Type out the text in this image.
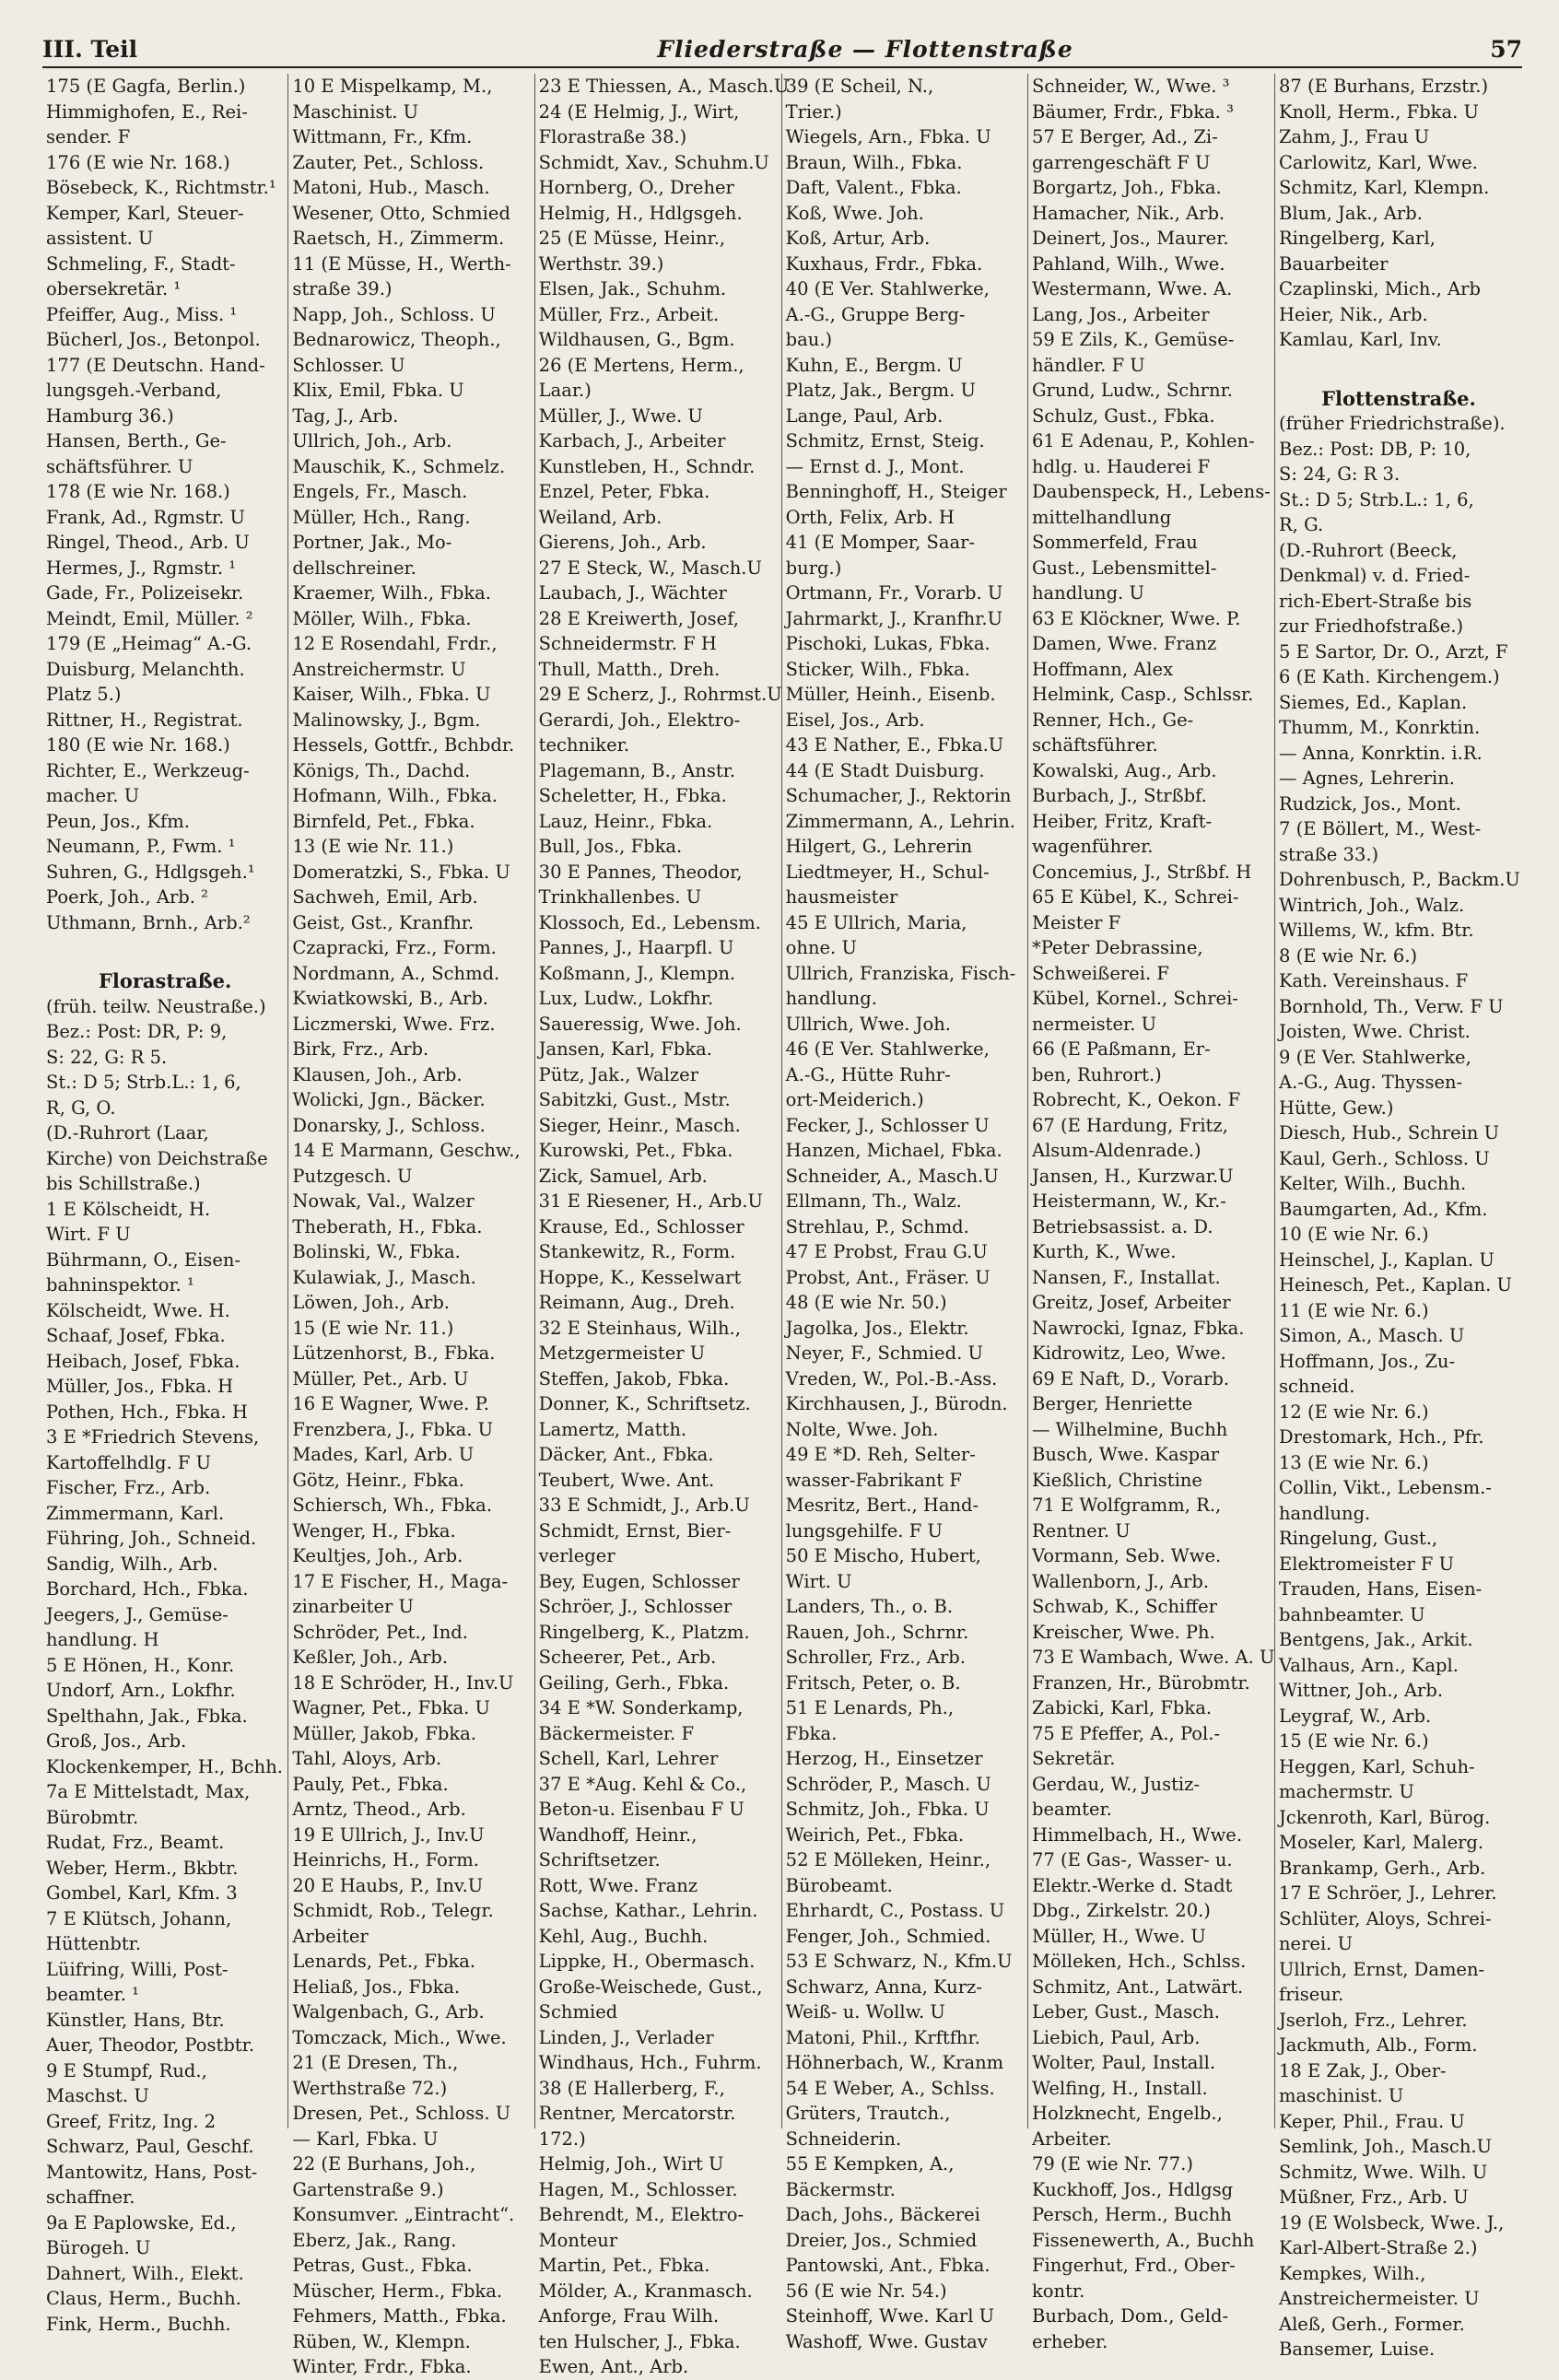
III. Teil	Fliederstraße — Flottenstraße	57
175 (E Gagfa, Berlin.)
Himmighofen, E., Rei-
sender. F
176 (E wie Nr. 168.)
Bösebeck, K., Richtmstr.¹
Kemper, Karl, Steuer-
assistent. U
Schmeling, F., Stadt-
obersekretär. ¹
Pfeiffer, Aug., Miss. ¹
Bücherl, Jos., Betonpol.
177 (E Deutschn. Hand-
lungsgeh.-Verband,
Hamburg 36.)
Hansen, Berth., Ge-
schäftsführer. U
178 (E wie Nr. 168.)
Frank, Ad., Rgmstr. U
Ringel, Theod., Arb. U
Hermes, J., Rgmstr. ¹
Gade, Fr., Polizeisekr.
Meindt, Emil, Müller. ²
179 (E „Heimag“ A.-G.
Duisburg, Melanchth.
Platz 5.)
Rittner, H., Registrat.
180 (E wie Nr. 168.)
Richter, E., Werkzeug-
macher. U
Peun, Jos., Kfm.
Neumann, P., Fwm. ¹
Suhren, G., Hdlgsgeh.¹
Poerk, Joh., Arb. ²
Uthmann, Brnh., Arb.²
Florastraße.
(früh. teilw. Neustraße.)
Bez.: Post: DR, P: 9,
S: 22, G: R 5.
St.: D 5; Strb.L.: 1, 6,
R, G, O.
(D.-Ruhrort (Laar,
Kirche) von Deichstraße
bis Schillstraße.)
1 E Kölscheidt, H.
Wirt. F U
Bührmann, O., Eisen-
bahninspektor. ¹
Kölscheidt, Wwe. H.
Schaaf, Josef, Fbka.
Heibach, Josef, Fbka.
Müller, Jos., Fbka. H
Pothen, Hch., Fbka. H
3 E *Friedrich Stevens,
Kartoffelhdlg. F U
Fischer, Frz., Arb.
Zimmermann, Karl.
Führing, Joh., Schneid.
Sandig, Wilh., Arb.
Borchard, Hch., Fbka.
Jeegers, J., Gemüse-
handlung. H
5 E Hönen, H., Konr.
Undorf, Arn., Lokfhr.
Spelthahn, Jak., Fbka.
Groß, Jos., Arb.
Klockenkemper, H., Bchh.
7a E Mittelstadt, Max,
Bürobmtr.
Rudat, Frz., Beamt.
Weber, Herm., Bkbtr.
Gombel, Karl, Kfm. 3
7 E Klütsch, Johann,
Hüttenbtr.
Lüifring, Willi, Post-
beamter. ¹
Künstler, Hans, Btr.
Auer, Theodor, Postbtr.
9 E Stumpf, Rud.,
Maschst. U
Greef, Fritz, Ing. 2
Schwarz, Paul, Geschf.
Mantowitz, Hans, Post-
schaffner.
9a E Paplowske, Ed.,
Bürogeh. U
Dahnert, Wilh., Elekt.
Claus, Herm., Buchh.
Fink, Herm., Buchh.
10 E Mispelkamp, M.,
Maschinist. U
Wittmann, Fr., Kfm.
Zauter, Pet., Schloss.
Matoni, Hub., Masch.
Wesener, Otto, Schmied
Raetsch, H., Zimmerm.
11 (E Müsse, H., Werth-
straße 39.)
Napp, Joh., Schloss. U
Bednarowicz, Theoph.,
Schlosser. U
Klix, Emil, Fbka. U
Tag, J., Arb.
Ullrich, Joh., Arb.
Mauschik, K., Schmelz.
Engels, Fr., Masch.
Müller, Hch., Rang.
Portner, Jak., Mo-
dellschreiner.
Kraemer, Wilh., Fbka.
Möller, Wilh., Fbka.
12 E Rosendahl, Frdr.,
Anstreichermstr. U
Kaiser, Wilh., Fbka. U
Malinowsky, J., Bgm.
Hessels, Gottfr., Bchbdr.
Königs, Th., Dachd.
Hofmann, Wilh., Fbka.
Birnfeld, Pet., Fbka.
13 (E wie Nr. 11.)
Domeratzki, S., Fbka. U
Sachweh, Emil, Arb.
Geist, Gst., Kranfhr.
Czapracki, Frz., Form.
Nordmann, A., Schmd.
Kwiatkowski, B., Arb.
Liczmerski, Wwe. Frz.
Birk, Frz., Arb.
Klausen, Joh., Arb.
Wolicki, Jgn., Bäcker.
Donarsky, J., Schloss.
14 E Marmann, Geschw.,
Putzgesch. U
Nowak, Val., Walzer
Theberath, H., Fbka.
Bolinski, W., Fbka.
Kulawiak, J., Masch.
Löwen, Joh., Arb.
15 (E wie Nr. 11.)
Lützenhorst, B., Fbka.
Müller, Pet., Arb. U
16 E Wagner, Wwe. P.
Frenzbera, J., Fbka. U
Mades, Karl, Arb. U
Götz, Heinr., Fbka.
Schiersch, Wh., Fbka.
Wenger, H., Fbka.
Keultjes, Joh., Arb.
17 E Fischer, H., Maga-
zinarbeiter U
Schröder, Pet., Ind.
Keßler, Joh., Arb.
18 E Schröder, H., Inv.U
Wagner, Pet., Fbka. U
Müller, Jakob, Fbka.
Tahl, Aloys, Arb.
Pauly, Pet., Fbka.
Arntz, Theod., Arb.
19 E Ullrich, J., Inv.U
Heinrichs, H., Form.
20 E Haubs, P., Inv.U
Schmidt, Rob., Telegr.
Arbeiter
Lenards, Pet., Fbka.
Heliaß, Jos., Fbka.
Walgenbach, G., Arb.
Tomczack, Mich., Wwe.
21 (E Dresen, Th.,
Werthstraße 72.)
Dresen, Pet., Schloss. U
— Karl, Fbka. U
22 (E Burhans, Joh.,
Gartenstraße 9.)
Konsumver. „Eintracht“.
Eberz, Jak., Rang.
Petras, Gust., Fbka.
Müscher, Herm., Fbka.
Fehmers, Matth., Fbka.
Rüben, W., Klempn.
Winter, Frdr., Fbka.
23 E Thiessen, A., Masch.U
24 (E Helmig, J., Wirt,
Florastraße 38.)
Schmidt, Xav., Schuhm.U
Hornberg, O., Dreher
Helmig, H., Hdlgsgeh.
25 (E Müsse, Heinr.,
Werthstr. 39.)
Elsen, Jak., Schuhm.
Müller, Frz., Arbeit.
Wildhausen, G., Bgm.
26 (E Mertens, Herm.,
Laar.)
Müller, J., Wwe. U
Karbach, J., Arbeiter
Kunstleben, H., Schndr.
Enzel, Peter, Fbka.
Weiland, Arb.
Gierens, Joh., Arb.
27 E Steck, W., Masch.U
Laubach, J., Wächter
28 E Kreiwerth, Josef,
Schneidermstr. F H
Thull, Matth., Dreh.
29 E Scherz, J., Rohrmst.U
Gerardi, Joh., Elektro-
techniker.
Plagemann, B., Anstr.
Scheletter, H., Fbka.
Lauz, Heinr., Fbka.
Bull, Jos., Fbka.
30 E Pannes, Theodor,
Trinkhallenbes. U
Klossoch, Ed., Lebensm.
Pannes, J., Haarpfl. U
Koßmann, J., Klempn.
Lux, Ludw., Lokfhr.
Saueressig, Wwe. Joh.
Jansen, Karl, Fbka.
Pütz, Jak., Walzer
Sabitzki, Gust., Mstr.
Sieger, Heinr., Masch.
Kurowski, Pet., Fbka.
Zick, Samuel, Arb.
31 E Riesener, H., Arb.U
Krause, Ed., Schlosser
Stankewitz, R., Form.
Hoppe, K., Kesselwart
Reimann, Aug., Dreh.
32 E Steinhaus, Wilh.,
Metzgermeister U
Steffen, Jakob, Fbka.
Donner, K., Schriftsetz.
Lamertz, Matth.
Däcker, Ant., Fbka.
Teubert, Wwe. Ant.
33 E Schmidt, J., Arb.U
Schmidt, Ernst, Bier-
verleger
Bey, Eugen, Schlosser
Schröer, J., Schlosser
Ringelberg, K., Platzm.
Scheerer, Pet., Arb.
Geiling, Gerh., Fbka.
34 E *W. Sonderkamp,
Bäckermeister. F
Schell, Karl, Lehrer
37 E *Aug. Kehl & Co.,
Beton-u. Eisenbau F U
Wandhoff, Heinr.,
Schriftsetzer.
Rott, Wwe. Franz
Sachse, Kathar., Lehrin.
Kehl, Aug., Buchh.
Lippke, H., Obermasch.
Große-Weischede, Gust.,
Schmied
Linden, J., Verlader
Windhaus, Hch., Fuhrm.
38 (E Hallerberg, F.,
Rentner, Mercatorstr.
172.)
Helmig, Joh., Wirt U
Hagen, M., Schlosser.
Behrendt, M., Elektro-
Monteur
Martin, Pet., Fbka.
Mölder, A., Kranmasch.
Anforge, Frau Wilh.
ten Hulscher, J., Fbka.
Ewen, Ant., Arb.
39 (E Scheil, N.,
Trier.)
Wiegels, Arn., Fbka. U
Braun, Wilh., Fbka.
Daft, Valent., Fbka.
Koß, Wwe. Joh.
Koß, Artur, Arb.
Kuxhaus, Frdr., Fbka.
40 (E Ver. Stahlwerke,
A.-G., Gruppe Berg-
bau.)
Kuhn, E., Bergm. U
Platz, Jak., Bergm. U
Lange, Paul, Arb.
Schmitz, Ernst, Steig.
— Ernst d. J., Mont.
Benninghoff, H., Steiger
Orth, Felix, Arb. H
41 (E Momper, Saar-
burg.)
Ortmann, Fr., Vorarb. U
Jahrmarkt, J., Kranfhr.U
Pischoki, Lukas, Fbka.
Sticker, Wilh., Fbka.
Müller, Heinh., Eisenb.
Eisel, Jos., Arb.
43 E Nather, E., Fbka.U
44 (E Stadt Duisburg.
Schumacher, J., Rektorin
Zimmermann, A., Lehrin.
Hilgert, G., Lehrerin
Liedtmeyer, H., Schul-
hausmeister
45 E Ullrich, Maria,
ohne. U
Ullrich, Franziska, Fisch-
handlung.
Ullrich, Wwe. Joh.
46 (E Ver. Stahlwerke,
A.-G., Hütte Ruhr-
ort-Meiderich.)
Fecker, J., Schlosser U
Hanzen, Michael, Fbka.
Schneider, A., Masch.U
Ellmann, Th., Walz.
Strehlau, P., Schmd.
47 E Probst, Frau G.U
Probst, Ant., Fräser. U
48 (E wie Nr. 50.)
Jagolka, Jos., Elektr.
Neyer, F., Schmied. U
Vreden, W., Pol.-B.-Ass.
Kirchhausen, J., Bürodn.
Nolte, Wwe. Joh.
49 E *D. Reh, Selter-
wasser-Fabrikant F
Mesritz, Bert., Hand-
lungsgehilfe. F U
50 E Mischo, Hubert,
Wirt. U
Landers, Th., o. B.
Rauen, Joh., Schrnr.
Schroller, Frz., Arb.
Fritsch, Peter, o. B.
51 E Lenards, Ph.,
Fbka.
Herzog, H., Einsetzer
Schröder, P., Masch. U
Schmitz, Joh., Fbka. U
Weirich, Pet., Fbka.
52 E Mölleken, Heinr.,
Bürobeamt.
Ehrhardt, C., Postass. U
Fenger, Joh., Schmied.
53 E Schwarz, N., Kfm.U
Schwarz, Anna, Kurz-
Weiß- u. Wollw. U
Matoni, Phil., Krftfhr.
Höhnerbach, W., Kranm
54 E Weber, A., Schlss.
Grüters, Trautch.,
Schneiderin.
55 E Kempken, A.,
Bäckermstr.
Dach, Johs., Bäckerei
Dreier, Jos., Schmied
Pantowski, Ant., Fbka.
56 (E wie Nr. 54.)
Steinhoff, Wwe. Karl U
Washoff, Wwe. Gustav
Schneider, W., Wwe. ³
Bäumer, Frdr., Fbka. ³
57 E Berger, Ad., Zi-
garrengeschäft F U
Borgartz, Joh., Fbka.
Hamacher, Nik., Arb.
Deinert, Jos., Maurer.
Pahland, Wilh., Wwe.
Westermann, Wwe. A.
Lang, Jos., Arbeiter
59 E Zils, K., Gemüse-
händler. F U
Grund, Ludw., Schrnr.
Schulz, Gust., Fbka.
61 E Adenau, P., Kohlen-
hdlg. u. Hauderei F
Daubenspeck, H., Lebens-
mittelhandlung
Sommerfeld, Frau
Gust., Lebensmittel-
handlung. U
63 E Klöckner, Wwe. P.
Damen, Wwe. Franz
Hoffmann, Alex
Helmink, Casp., Schlssr.
Renner, Hch., Ge-
schäftsführer.
Kowalski, Aug., Arb.
Burbach, J., Strßbf.
Heiber, Fritz, Kraft-
wagenführer.
Concemius, J., Strßbf. H
65 E Kübel, K., Schrei-
Meister F
*Peter Debrassine,
Schweißerei. F
Kübel, Kornel., Schrei-
nermeister. U
66 (E Paßmann, Er-
ben, Ruhrort.)
Robrecht, K., Oekon. F
67 (E Hardung, Fritz,
Alsum-Aldenrade.)
Jansen, H., Kurzwar.U
Heistermann, W., Kr.-
Betriebsassist. a. D.
Kurth, K., Wwe.
Nansen, F., Installat.
Greitz, Josef, Arbeiter
Nawrocki, Ignaz, Fbka.
Kidrowitz, Leo, Wwe.
69 E Naft, D., Vorarb.
Berger, Henriette
— Wilhelmine, Buchh
Busch, Wwe. Kaspar
Kießlich, Christine
71 E Wolfgramm, R.,
Rentner. U
Vormann, Seb. Wwe.
Wallenborn, J., Arb.
Schwab, K., Schiffer
Kreischer, Wwe. Ph.
73 E Wambach, Wwe. A. U
Franzen, Hr., Bürobmtr.
Zabicki, Karl, Fbka.
75 E Pfeffer, A., Pol.-
Sekretär.
Gerdau, W., Justiz-
beamter.
Himmelbach, H., Wwe.
77 (E Gas-, Wasser- u.
Elektr.-Werke d. Stadt
Dbg., Zirkelstr. 20.)
Müller, H., Wwe. U
Mölleken, Hch., Schlss.
Schmitz, Ant., Latwärt.
Leber, Gust., Masch.
Liebich, Paul, Arb.
Wolter, Paul, Install.
Welfing, H., Install.
Holzknecht, Engelb.,
Arbeiter.
79 (E wie Nr. 77.)
Kuckhoff, Jos., Hdlgsg
Persch, Herm., Buchh
Fissenewerth, A., Buchh
Fingerhut, Frd., Ober-
kontr.
Burbach, Dom., Geld-
erheber.
87 (E Burhans, Erzstr.)
Knoll, Herm., Fbka. U
Zahm, J., Frau U
Carlowitz, Karl, Wwe.
Schmitz, Karl, Klempn.
Blum, Jak., Arb.
Ringelberg, Karl,
Bauarbeiter
Czaplinski, Mich., Arb
Heier, Nik., Arb.
Kamlau, Karl, Inv.
Flottenstraße.
(früher Friedrichstraße).
Bez.: Post: DB, P: 10,
S: 24, G: R 3.
St.: D 5; Strb.L.: 1, 6,
R, G.
(D.-Ruhrort (Beeck,
Denkmal) v. d. Fried-
rich-Ebert-Straße bis
zur Friedhofstraße.)
5 E Sartor, Dr. O., Arzt, F
6 (E Kath. Kirchengem.)
Siemes, Ed., Kaplan.
Thumm, M., Konrktin.
— Anna, Konrktin. i.R.
— Agnes, Lehrerin.
Rudzick, Jos., Mont.
7 (E Böllert, M., West-
straße 33.)
Dohrenbusch, P., Backm.U
Wintrich, Joh., Walz.
Willems, W., kfm. Btr.
8 (E wie Nr. 6.)
Kath. Vereinshaus. F
Bornhold, Th., Verw. F U
Joisten, Wwe. Christ.
9 (E Ver. Stahlwerke,
A.-G., Aug. Thyssen-
Hütte, Gew.)
Diesch, Hub., Schrein U
Kaul, Gerh., Schloss. U
Kelter, Wilh., Buchh.
Baumgarten, Ad., Kfm.
10 (E wie Nr. 6.)
Heinschel, J., Kaplan. U
Heinesch, Pet., Kaplan. U
11 (E wie Nr. 6.)
Simon, A., Masch. U
Hoffmann, Jos., Zu-
schneid.
12 (E wie Nr. 6.)
Drestomark, Hch., Pfr.
13 (E wie Nr. 6.)
Collin, Vikt., Lebensm.-
handlung.
Ringelung, Gust.,
Elektromeister F U
Trauden, Hans, Eisen-
bahnbeamter. U
Bentgens, Jak., Arkit.
Valhaus, Arn., Kapl.
Wittner, Joh., Arb.
Leygraf, W., Arb.
15 (E wie Nr. 6.)
Heggen, Karl, Schuh-
machermstr. U
Jckenroth, Karl, Bürog.
Moseler, Karl, Malerg.
Brankamp, Gerh., Arb.
17 E Schröer, J., Lehrer.
Schlüter, Aloys, Schrei-
nerei. U
Ullrich, Ernst, Damen-
friseur.
Jserloh, Frz., Lehrer.
Jackmuth, Alb., Form.
18 E Zak, J., Ober-
maschinist. U
Keper, Phil., Frau. U
Semlink, Joh., Masch.U
Schmitz, Wwe. Wilh. U
Müßner, Frz., Arb. U
19 (E Wolsbeck, Wwe. J.,
Karl-Albert-Straße 2.)
Kempkes, Wilh.,
Anstreichermeister. U
Aleß, Gerh., Former.
Bansemer, Luise.
